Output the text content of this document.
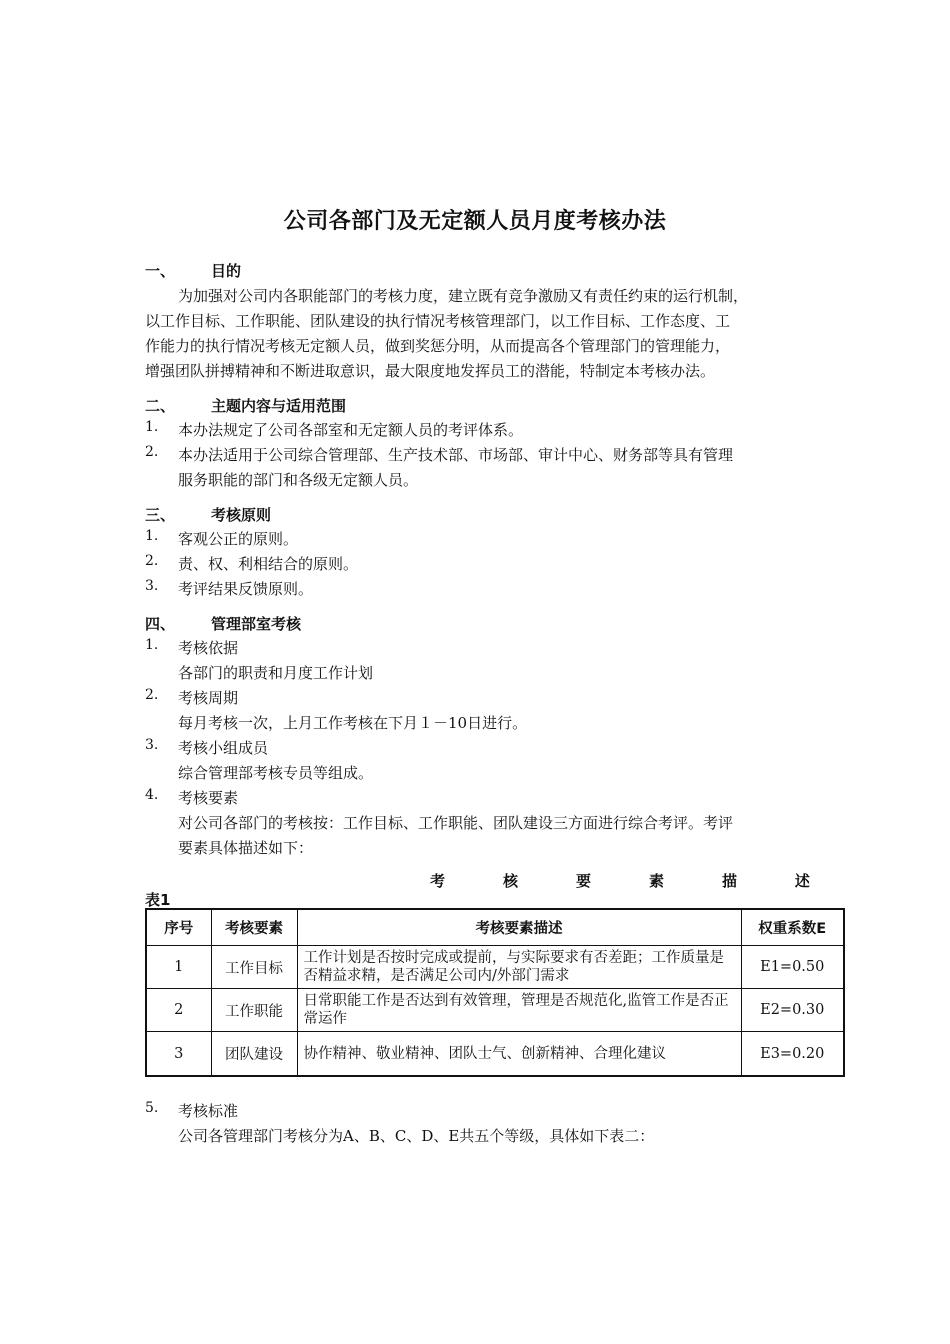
公司各部门及无定额人员月度考核办法
一、 目的
为加强对公司内各职能部门的考核力度，建立既有竞争激励又有责任约束的运行机制，
以工作目标、工作职能、团队建设的执行情况考核管理部门，以工作目标、工作态度、工
作能力的执行情况考核无定额人员，做到奖惩分明，从而提高各个管理部门的管理能力，
增强团队拼搏精神和不断进取意识，最大限度地发挥员工的潜能，特制定本考核办法。
二、 主题内容与适用范围
1. 本办法规定了公司各部室和无定额人员的考评体系。
2. 本办法适用于公司综合管理部、生产技术部、市场部、审计中心、财务部等具有管理
服务职能的部门和各级无定额人员。
三、 考核原则
1. 客观公正的原则。
2. 责、权、利相结合的原则。
3. 考评结果反馈原则。
四、 管理部室考核
1. 考核依据
各部门的职责和月度工作计划
2. 考核周期
每月考核一次，上月工作考核在下月１－10日进行。
3. 考核小组成员
综合管理部考核专员等组成。
4. 考核要素
对公司各部门的考核按：工作目标、工作职能、团队建设三方面进行综合考评。考评
要素具体描述如下：
考	核	要	素	描	述
表1
序号	考核要素	考核要素描述	权重系数E
1	工作目标	工作计划是否按时完成或提前，与实际要求有否差距；工作质量是否精益求精，是否满足公司内/外部门需求	E1=0.50
2	工作职能	日常职能工作是否达到有效管理，管理是否规范化,监管工作是否正常运作	E2=0.30
3	团队建设	协作精神、敬业精神、团队士气、创新精神、合理化建议	E3=0.20
5. 考核标准
公司各管理部门考核分为A、B、C、D、E共五个等级，具体如下表二：
